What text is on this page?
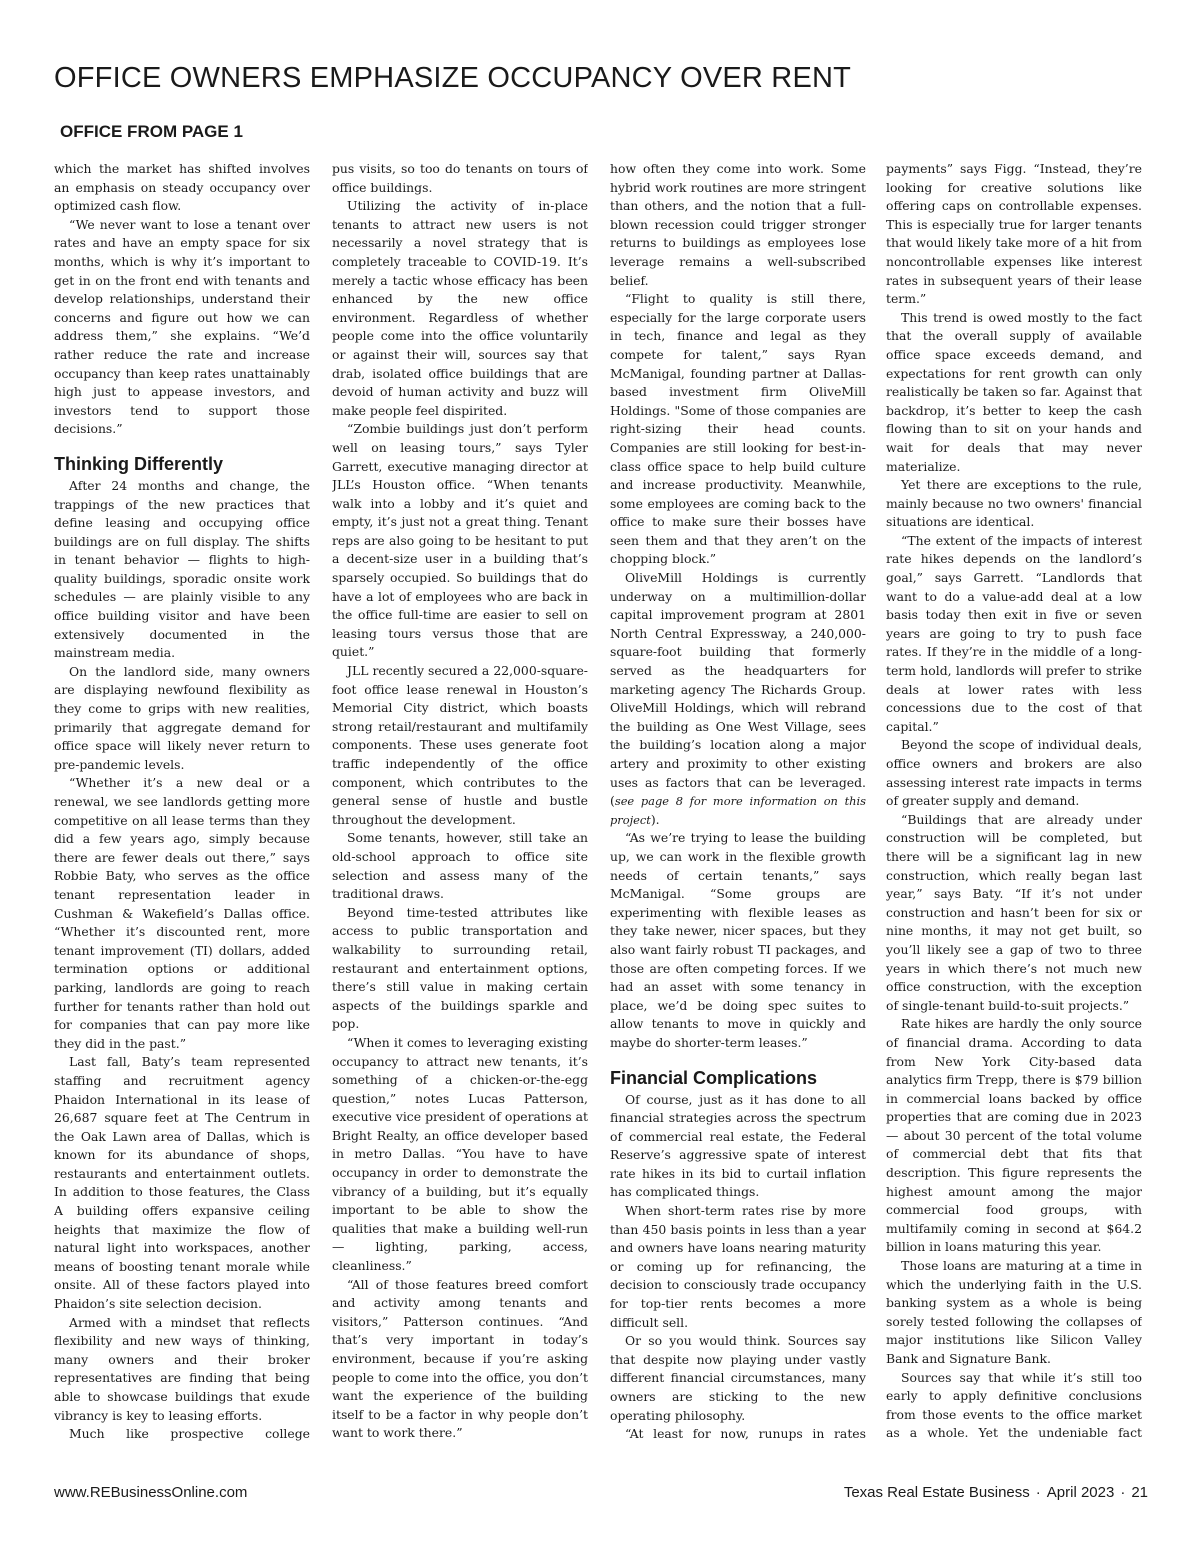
OFFICE OWNERS EMPHASIZE OCCUPANCY OVER RENT
OFFICE FROM PAGE 1

which the market has shifted involves an emphasis on steady occupancy over optimized cash flow.

“We never want to lose a tenant over rates and have an empty space for six months, which is why it’s important to get in on the front end with tenants and develop relationships, understand their concerns and figure out how we can address them,” she explains. “We’d rather reduce the rate and increase occupancy than keep rates unattainably high just to appease investors, and investors tend to support those decisions.”

Thinking Differently

After 24 months and change, the trappings of the new practices that define leasing and occupying office buildings are on full display. The shifts in tenant behavior — flights to high-quality buildings, sporadic onsite work schedules — are plainly visible to any office building visitor and have been extensively documented in the mainstream media.

On the landlord side, many owners are displaying newfound flexibility as they come to grips with new realities, primarily that aggregate demand for office space will likely never return to pre-pandemic levels.

“Whether it’s a new deal or a renewal, we see landlords getting more competitive on all lease terms than they did a few years ago, simply because there are fewer deals out there,” says Robbie Baty, who serves as the office tenant representation leader in Cushman & Wakefield’s Dallas office. “Whether it’s discounted rent, more tenant improvement (TI) dollars, added termination options or additional parking, landlords are going to reach further for tenants rather than hold out for companies that can pay more like they did in the past.”

Last fall, Baty’s team represented staffing and recruitment agency Phaidon International in its lease of 26,687 square feet at The Centrum in the Oak Lawn area of Dallas, which is known for its abundance of shops, restaurants and entertainment outlets. In addition to those features, the Class A building offers expansive ceiling heights that maximize the flow of natural light into workspaces, another means of boosting tenant morale while onsite. All of these factors played into Phaidon’s site selection decision.

Armed with a mindset that reflects flexibility and new ways of thinking, many owners and their broker representatives are finding that being able to showcase buildings that exude vibrancy is key to leasing efforts.

Much like prospective college

pus visits, so too do tenants on tours of office buildings.

Utilizing the activity of in-place tenants to attract new users is not necessarily a novel strategy that is completely traceable to COVID-19. It’s merely a tactic whose efficacy has been enhanced by the new office environment. Regardless of whether people come into the office voluntarily or against their will, sources say that drab, isolated office buildings that are devoid of human activity and buzz will make people feel dispirited.

“Zombie buildings just don’t perform well on leasing tours,” says Tyler Garrett, executive managing director at JLL’s Houston office. “When tenants walk into a lobby and it’s quiet and empty, it’s just not a great thing. Tenant reps are also going to be hesitant to put a decent-size user in a building that’s sparsely occupied. So buildings that do have a lot of employees who are back in the office full-time are easier to sell on leasing tours versus those that are quiet.”

JLL recently secured a 22,000-square-foot office lease renewal in Houston’s Memorial City district, which boasts strong retail/restaurant and multifamily components. These uses generate foot traffic independently of the office component, which contributes to the general sense of hustle and bustle throughout the development.

Some tenants, however, still take an old-school approach to office site selection and assess many of the traditional draws.

Beyond time-tested attributes like access to public transportation and walkability to surrounding retail, restaurant and entertainment options, there’s still value in making certain aspects of the buildings sparkle and pop.

“When it comes to leveraging existing occupancy to attract new tenants, it’s something of a chicken-or-the-egg question,” notes Lucas Patterson, executive vice president of operations at Bright Realty, an office developer based in metro Dallas. “You have to have occupancy in order to demonstrate the vibrancy of a building, but it’s equally important to be able to show the qualities that make a building well-run — lighting, parking, access, cleanliness.”

“All of those features breed comfort and activity among tenants and visitors,” Patterson continues. “And that’s very important in today’s environment, because if you’re asking people to come into the office, you don’t want the experience of the building itself to be a factor in why people don’t want to work there.”

how often they come into work. Some hybrid work routines are more stringent than others, and the notion that a full-blown recession could trigger stronger returns to buildings as employees lose leverage remains a well-subscribed belief.

“Flight to quality is still there, especially for the large corporate users in tech, finance and legal as they compete for talent,” says Ryan McManigal, founding partner at Dallas-based investment firm OliveMill Holdings. "Some of those companies are right-sizing their head counts. Companies are still looking for best-in-class office space to help build culture and increase productivity. Meanwhile, some employees are coming back to the office to make sure their bosses have seen them and that they aren’t on the chopping block.”

OliveMill Holdings is currently underway on a multimillion-dollar capital improvement program at 2801 North Central Expressway, a 240,000-square-foot building that formerly served as the headquarters for marketing agency The Richards Group. OliveMill Holdings, which will rebrand the building as One West Village, sees the building’s location along a major artery and proximity to other existing uses as factors that can be leveraged. (see page 8 for more information on this project).

“As we’re trying to lease the building up, we can work in the flexible growth needs of certain tenants,” says McManigal. “Some groups are experimenting with flexible leases as they take newer, nicer spaces, but they also want fairly robust TI packages, and those are often competing forces. If we had an asset with some tenancy in place, we’d be doing spec suites to allow tenants to move in quickly and maybe do shorter-term leases.”

Financial Complications

Of course, just as it has done to all financial strategies across the spectrum of commercial real estate, the Federal Reserve’s aggressive spate of interest rate hikes in its bid to curtail inflation has complicated things.

When short-term rates rise by more than 450 basis points in less than a year and owners have loans nearing maturity or coming up for refinancing, the decision to consciously trade occupancy for top-tier rents becomes a more difficult sell.

Or so you would think. Sources say that despite now playing under vastly different financial circumstances, many owners are sticking to the new operating philosophy.

“At least for now, runups in rates

payments” says Figg. “Instead, they’re looking for creative solutions like offering caps on controllable expenses. This is especially true for larger tenants that would likely take more of a hit from noncontrollable expenses like interest rates in subsequent years of their lease term.”

This trend is owed mostly to the fact that the overall supply of available office space exceeds demand, and expectations for rent growth can only realistically be taken so far. Against that backdrop, it’s better to keep the cash flowing than to sit on your hands and wait for deals that may never materialize.

Yet there are exceptions to the rule, mainly because no two owners' financial situations are identical.

“The extent of the impacts of interest rate hikes depends on the landlord’s goal,” says Garrett. “Landlords that want to do a value-add deal at a low basis today then exit in five or seven years are going to try to push face rates. If they’re in the middle of a long-term hold, landlords will prefer to strike deals at lower rates with less concessions due to the cost of that capital.”

Beyond the scope of individual deals, office owners and brokers are also assessing interest rate impacts in terms of greater supply and demand.

“Buildings that are already under construction will be completed, but there will be a significant lag in new construction, which really began last year,” says Baty. “If it’s not under construction and hasn’t been for six or nine months, it may not get built, so you’ll likely see a gap of two to three years in which there’s not much new office construction, with the exception of single-tenant build-to-suit projects.”

Rate hikes are hardly the only source of financial drama. According to data from New York City-based data analytics firm Trepp, there is $79 billion in commercial loans backed by office properties that are coming due in 2023 — about 30 percent of the total volume of commercial debt that fits that description. This figure represents the highest amount among the major commercial food groups, with multifamily coming in second at $64.2 billion in loans maturing this year.

Those loans are maturing at a time in which the underlying faith in the U.S. banking system as a whole is being sorely tested following the collapses of major institutions like Silicon Valley Bank and Signature Bank.

Sources say that while it’s still too early to apply definitive conclusions from those events to the office market as a whole. Yet the undeniable fact

www.REBusinessOnline.com	Texas Real Estate Business · April 2023 · 21
